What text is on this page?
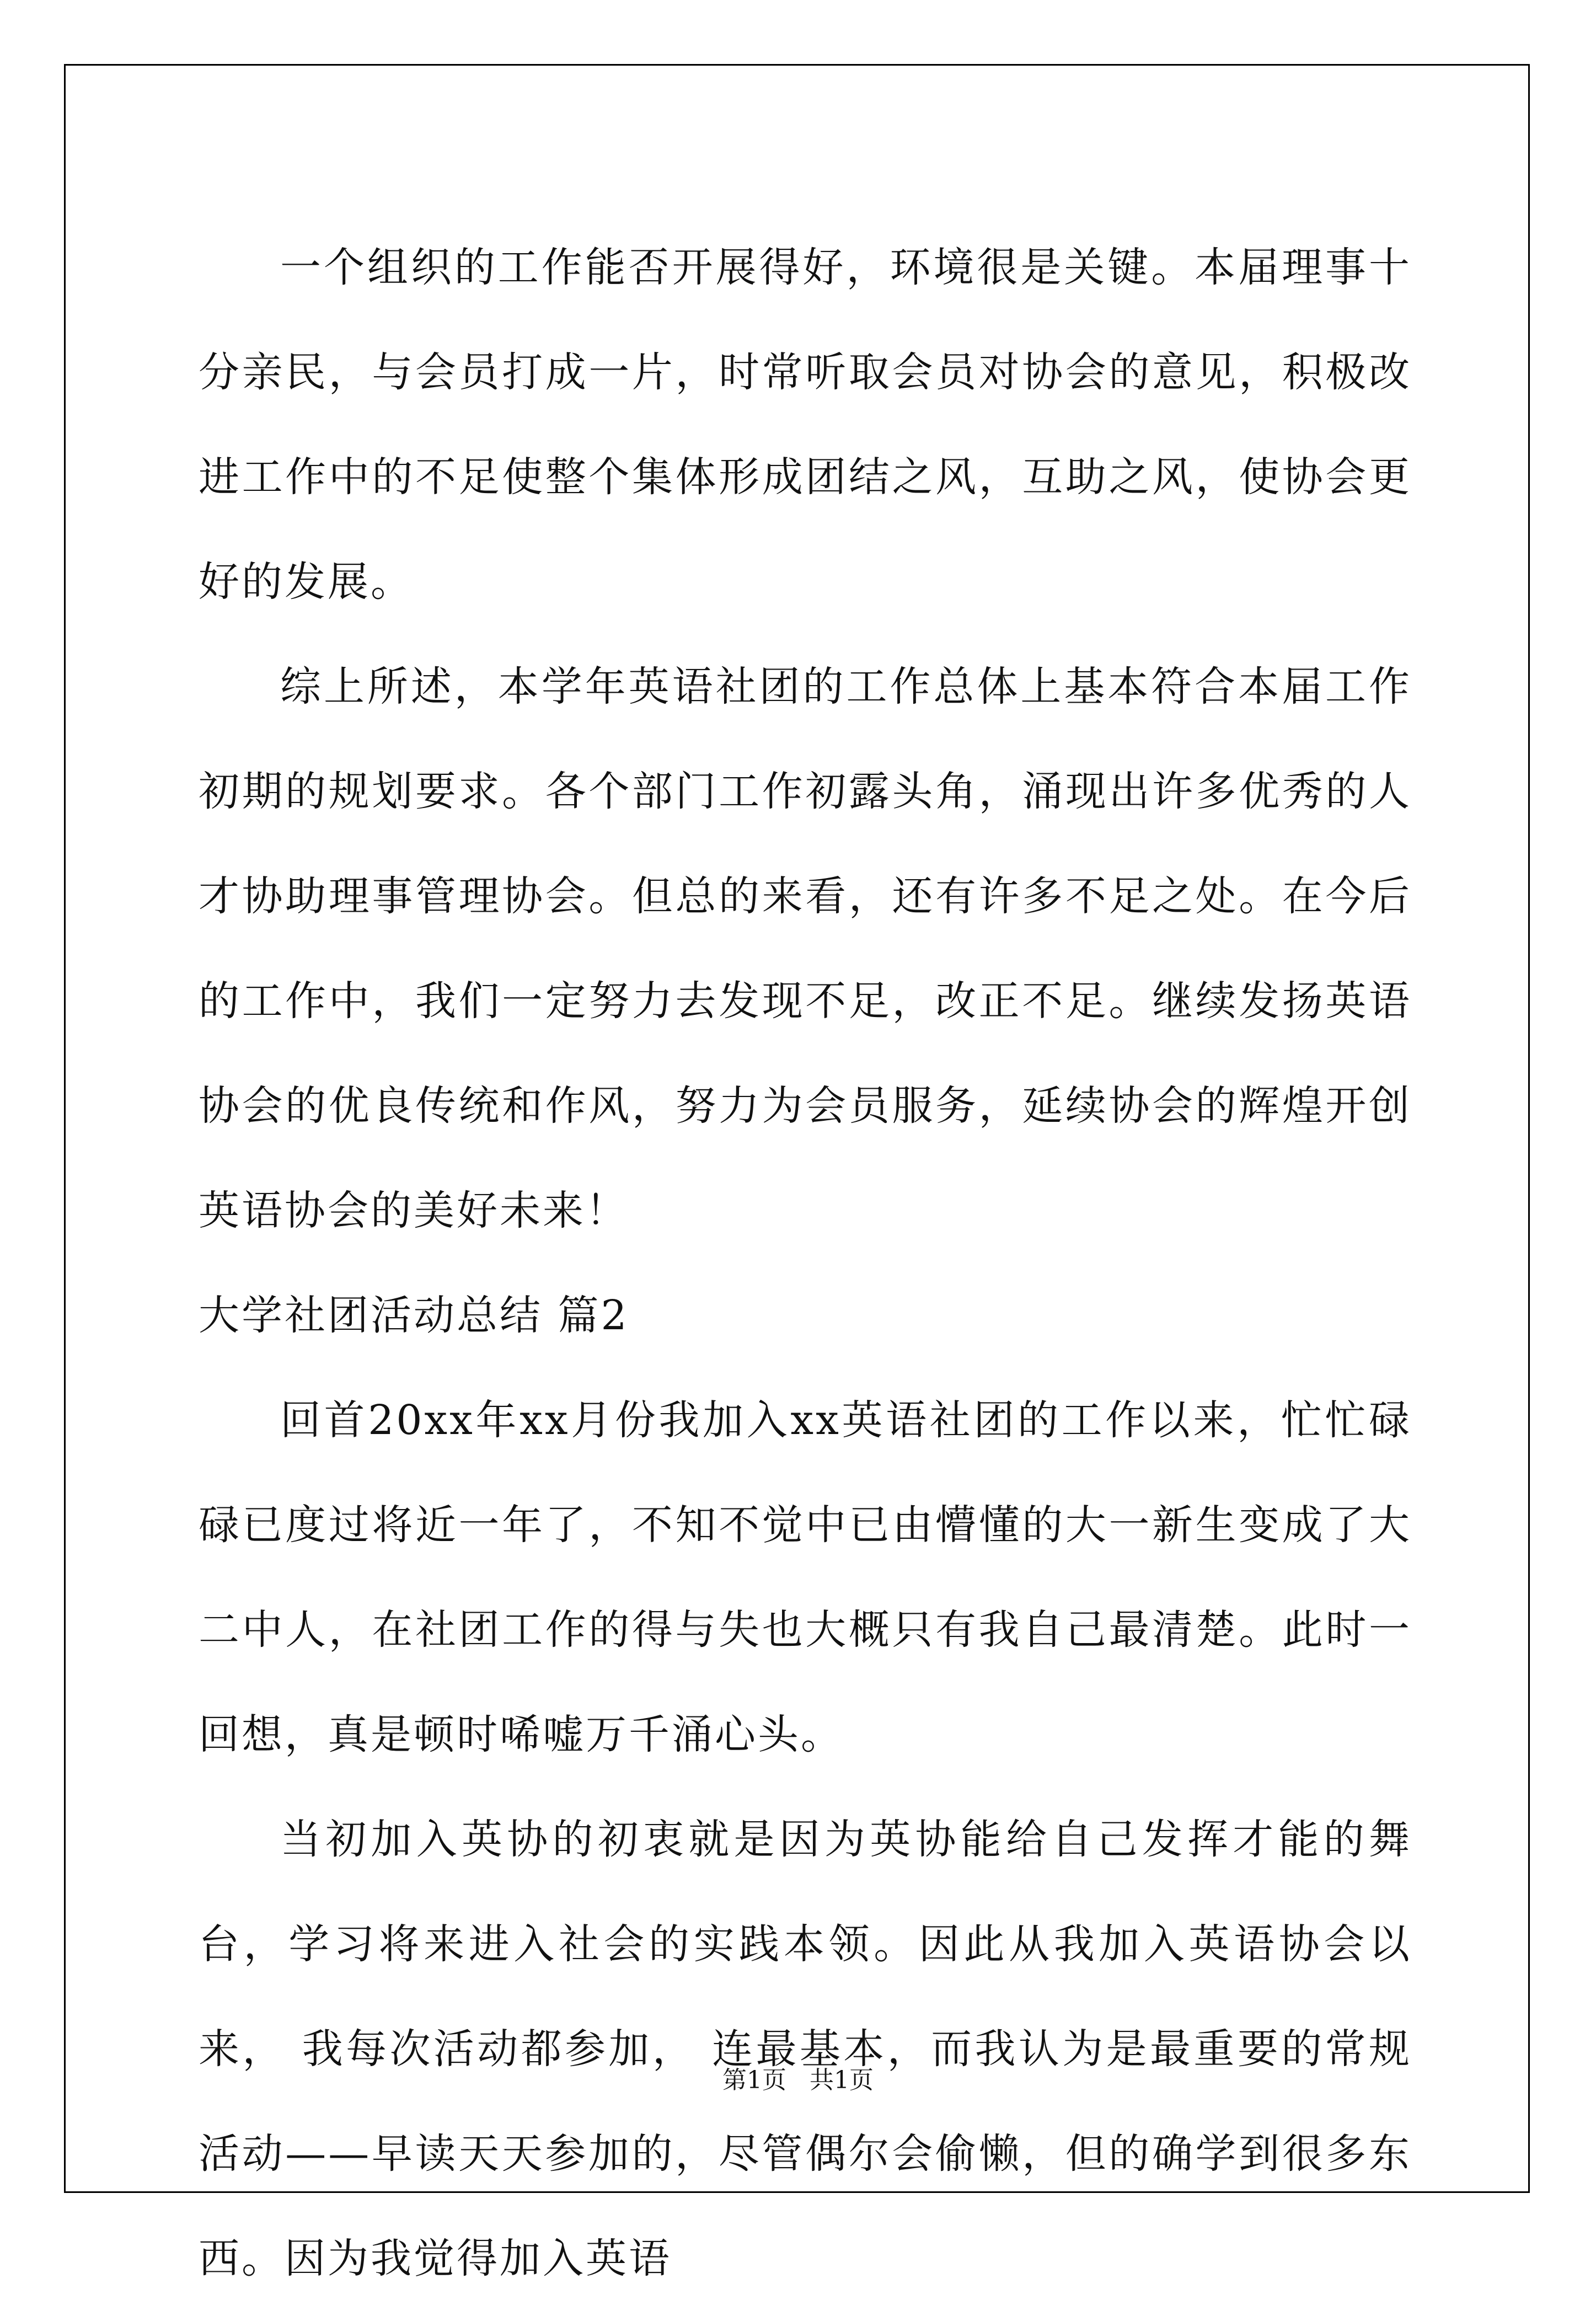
一个组织的工作能否开展得好，环境很是关键。本届理事十分亲民，与会员打成一片，时常听取会员对协会的意见，积极改进工作中的不足使整个集体形成团结之风，互助之风，使协会更好的发展。

综上所述，本学年英语社团的工作总体上基本符合本届工作初期的规划要求。各个部门工作初露头角，涌现出许多优秀的人才协助理事管理协会。但总的来看，还有许多不足之处。在今后的工作中，我们一定努力去发现不足，改正不足。继续发扬英语协会的优良传统和作风，努力为会员服务，延续协会的辉煌开创英语协会的美好未来！

大学社团活动总结 篇2

回首20xx年xx月份我加入xx英语社团的工作以来，忙忙碌碌已度过将近一年了，不知不觉中已由懵懂的大一新生变成了大二中人，在社团工作的得与失也大概只有我自己最清楚。此时一回想，真是顿时唏嘘万千涌心头。

当初加入英协的初衷就是因为英协能给自己发挥才能的舞台，学习将来进入社会的实践本领。因此从我加入英语协会以来， 我每次活动都参加， 连最基本，而我认为是最重要的常规活动——早读天天参加的，尽管偶尔会偷懒，但的确学到很多东西。因为我觉得加入英语

第1页 共1页
